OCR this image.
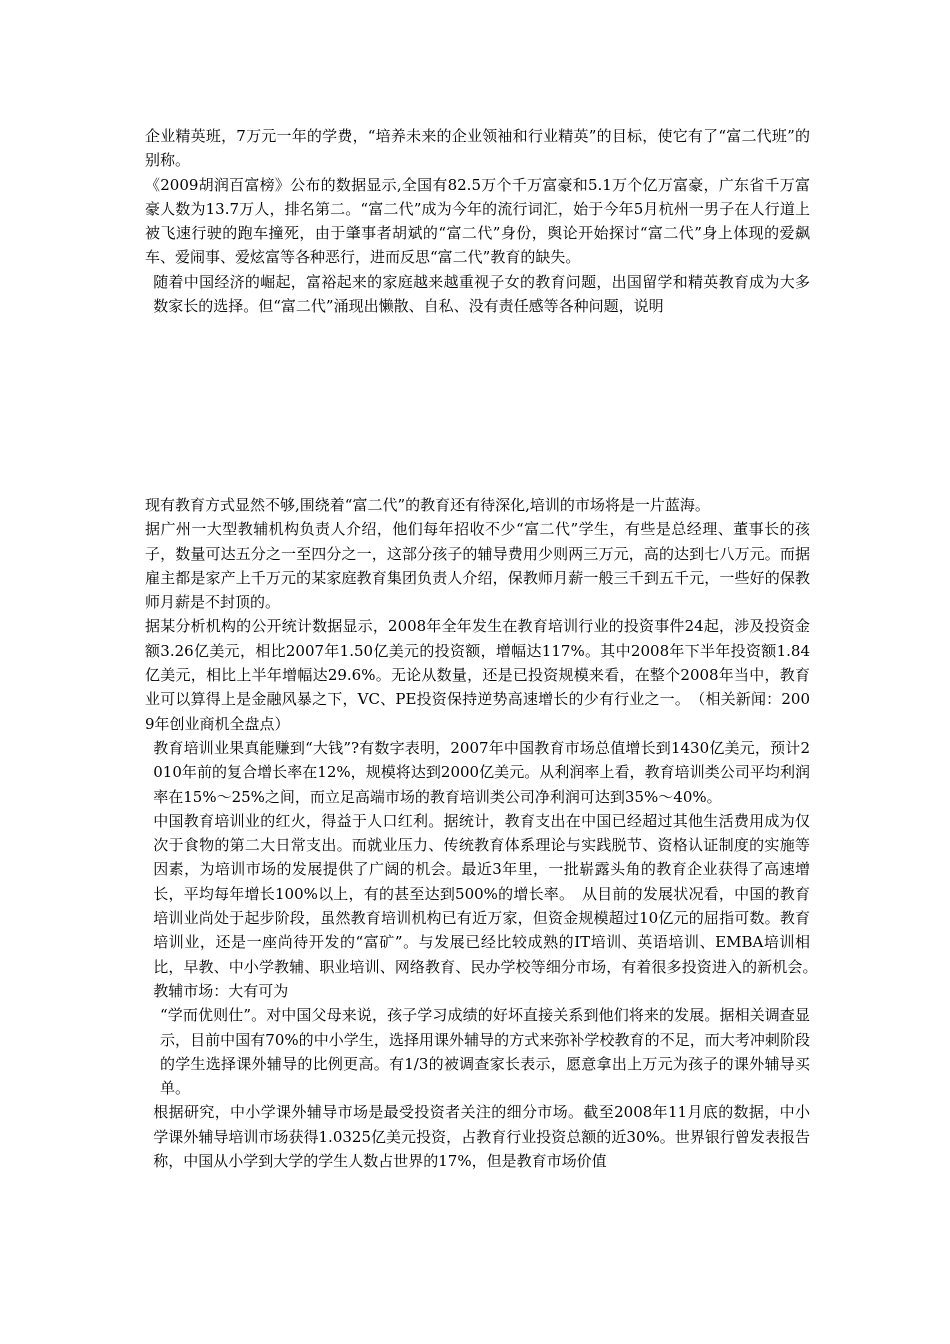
企业精英班，7万元一年的学费，“培养未来的企业领袖和行业精英”的目标，使它有了“富二代班”的别称。

《2009胡润百富榜》公布的数据显示,全国有82.5万个千万富豪和5.1万个亿万富豪，广东省千万富豪人数为13.7万人，排名第二。“富二代”成为今年的流行词汇，始于今年5月杭州一男子在人行道上被飞速行驶的跑车撞死，由于肇事者胡斌的“富二代”身份，舆论开始探讨“富二代”身上体现的爱飙车、爱闹事、爱炫富等各种恶行，进而反思“富二代”教育的缺失。

随着中国经济的崛起，富裕起来的家庭越来越重视子女的教育问题，出国留学和精英教育成为大多数家长的选择。但“富二代”涌现出懒散、自私、没有责任感等各种问题，说明

现有教育方式显然不够,围绕着“富二代”的教育还有待深化,培训的市场将是一片蓝海。

据广州一大型教辅机构负责人介绍，他们每年招收不少“富二代”学生，有些是总经理、董事长的孩子，数量可达五分之一至四分之一，这部分孩子的辅导费用少则两三万元，高的达到七八万元。而据雇主都是家产上千万元的某家庭教育集团负责人介绍，保教师月薪一般三千到五千元，一些好的保教师月薪是不封顶的。

据某分析机构的公开统计数据显示，2008年全年发生在教育培训行业的投资事件24起，涉及投资金额3.26亿美元，相比2007年1.50亿美元的投资额，增幅达117%。其中2008年下半年投资额1.84亿美元，相比上半年增幅达29.6%。无论从数量，还是已投资规模来看，在整个2008年当中，教育业可以算得上是金融风暴之下，VC、PE投资保持逆势高速增长的少有行业之一。　（相关新闻：2009年创业商机全盘点）

教育培训业果真能赚到“大钱”?有数字表明，2007年中国教育市场总值增长到1430亿美元，预计2010年前的复合增长率在12%，规模将达到2000亿美元。从利润率上看，教育培训类公司平均利润率在15%～25%之间，而立足高端市场的教育培训类公司净利润可达到35%～40%。

中国教育培训业的红火，得益于人口红利。据统计，教育支出在中国已经超过其他生活费用成为仅次于食物的第二大日常支出。而就业压力、传统教育体系理论与实践脱节、资格认证制度的实施等因素，为培训市场的发展提供了广阔的机会。最近3年里，一批崭露头角的教育企业获得了高速增长，平均每年增长100%以上，有的甚至达到500%的增长率。　从目前的发展状况看，中国的教育培训业尚处于起步阶段，虽然教育培训机构已有近万家，但资金规模超过10亿元的屈指可数。教育培训业，还是一座尚待开发的“富矿”。与发展已经比较成熟的IT培训、英语培训、EMBA培训相比，早教、中小学教辅、职业培训、网络教育、民办学校等细分市场，有着很多投资进入的新机会。　教辅市场：大有可为

“学而优则仕”。对中国父母来说，孩子学习成绩的好坏直接关系到他们将来的发展。据相关调查显示，目前中国有70%的中小学生，选择用课外辅导的方式来弥补学校教育的不足，而大考冲刺阶段的学生选择课外辅导的比例更高。有1/3的被调查家长表示，愿意拿出上万元为孩子的课外辅导买单。

根据研究，中小学课外辅导市场是最受投资者关注的细分市场。截至2008年11月底的数据，中小学课外辅导培训市场获得1.0325亿美元投资，占教育行业投资总额的近30%。世界银行曾发表报告称，中国从小学到大学的学生人数占世界的17%，但是教育市场价值
